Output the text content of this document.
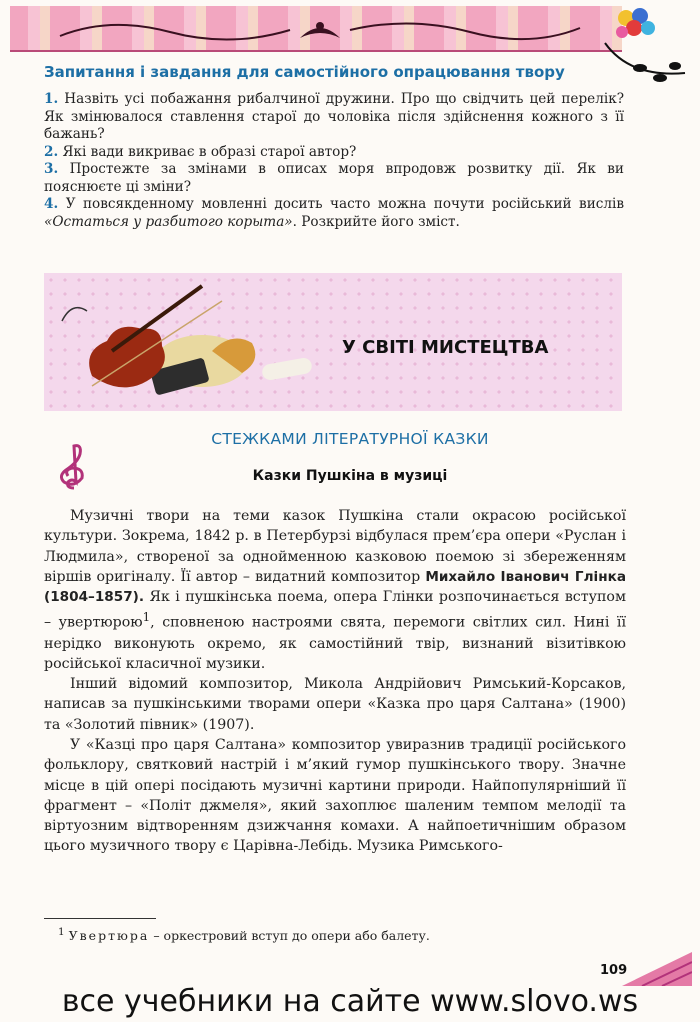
Запитання і завдання для самостійного опрацювання твору

1. Назвіть усі побажання рибалчиної дружини. Про що свідчить цей перелік? Як змінювалося ставлення старої до чоловіка після здійснення кожного з її бажань?

2. Які вади викриває в образі старої автор?

3. Простежте за змінами в описах моря впродовж розвитку дії. Як ви пояснюєте ці зміни?

4. У повсякденному мовленні досить часто можна почути російський вислів «Остаться у разбитого корыта». Розкрийте його зміст.

У СВІТІ МИСТЕЦТВА
СТЕЖКАМИ ЛІТЕРАТУРНОЇ КАЗКИ
Казки Пушкіна в музиці

Музичні твори на теми казок Пушкіна стали окрасою російської культури. Зокрема, 1842 р. в Петербурзі відбулася прем’єра опери «Руслан і Людмила», створеної за однойменною казковою поемою зі збереженням віршів оригіналу. Її автор – видатний композитор Михайло Іванович Глінка (1804–1857). Як і пушкінська поема, опера Глінки розпочинається вступом – увертюрою$^1$, сповненою настроями свята, перемоги світлих сил. Нині її нерідко виконують окремо, як самостійний твір, визнаний візитівкою російської класичної музики.

Інший відомий композитор, Микола Андрійович Римський-Корсаков, написав за пушкінськими творами опери «Казка про царя Салтана» (1900) та «Золотий півник» (1907).

У «Казці про царя Салтана» композитор увиразнив традиції російського фольклору, святковий настрій і м’який гумор пушкінського твору. Значне місце в цій опері посідають музичні картини природи. Найпопулярніший її фрагмент – «Політ джмеля», який захоплює шаленим темпом мелодії та віртуозним відтворенням дзижчання комахи. А найпоетичнішим образом цього музичного твору є Царівна-Лебідь. Музика Римського-

$^1$ Увертюра – оркестровий вступ до опери або балету.
109
все учебники на сайте www.slovo.ws
